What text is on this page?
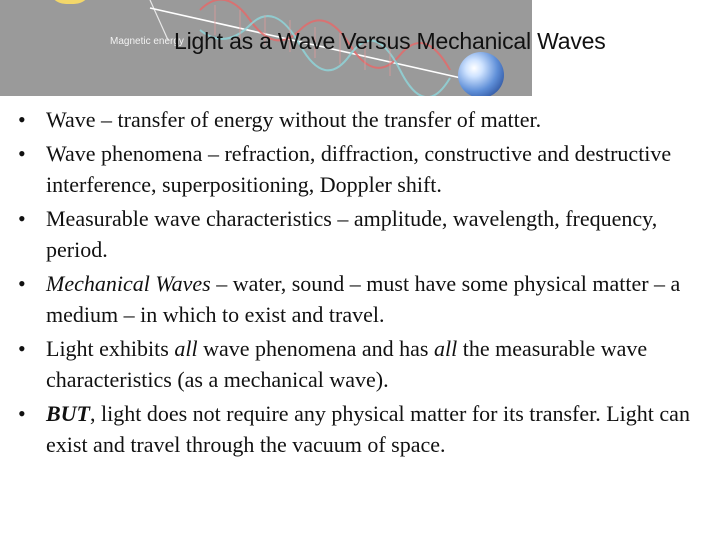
Magnetic energy
Light as a Wave Versus Mechanical Waves
• Wave – transfer of energy without the transfer of matter.
• Wave phenomena – refraction, diffraction, constructive and destructive interference, superpositioning, Doppler shift.
• Measurable wave characteristics – amplitude, wavelength, frequency, period.
• Mechanical Waves – water, sound – must have some physical matter – a medium – in which to exist and travel.
• Light exhibits all wave phenomena and has all the measurable wave characteristics (as a mechanical wave).
• BUT, light does not require any physical matter for its transfer. Light can exist and travel through the vacuum of space.
